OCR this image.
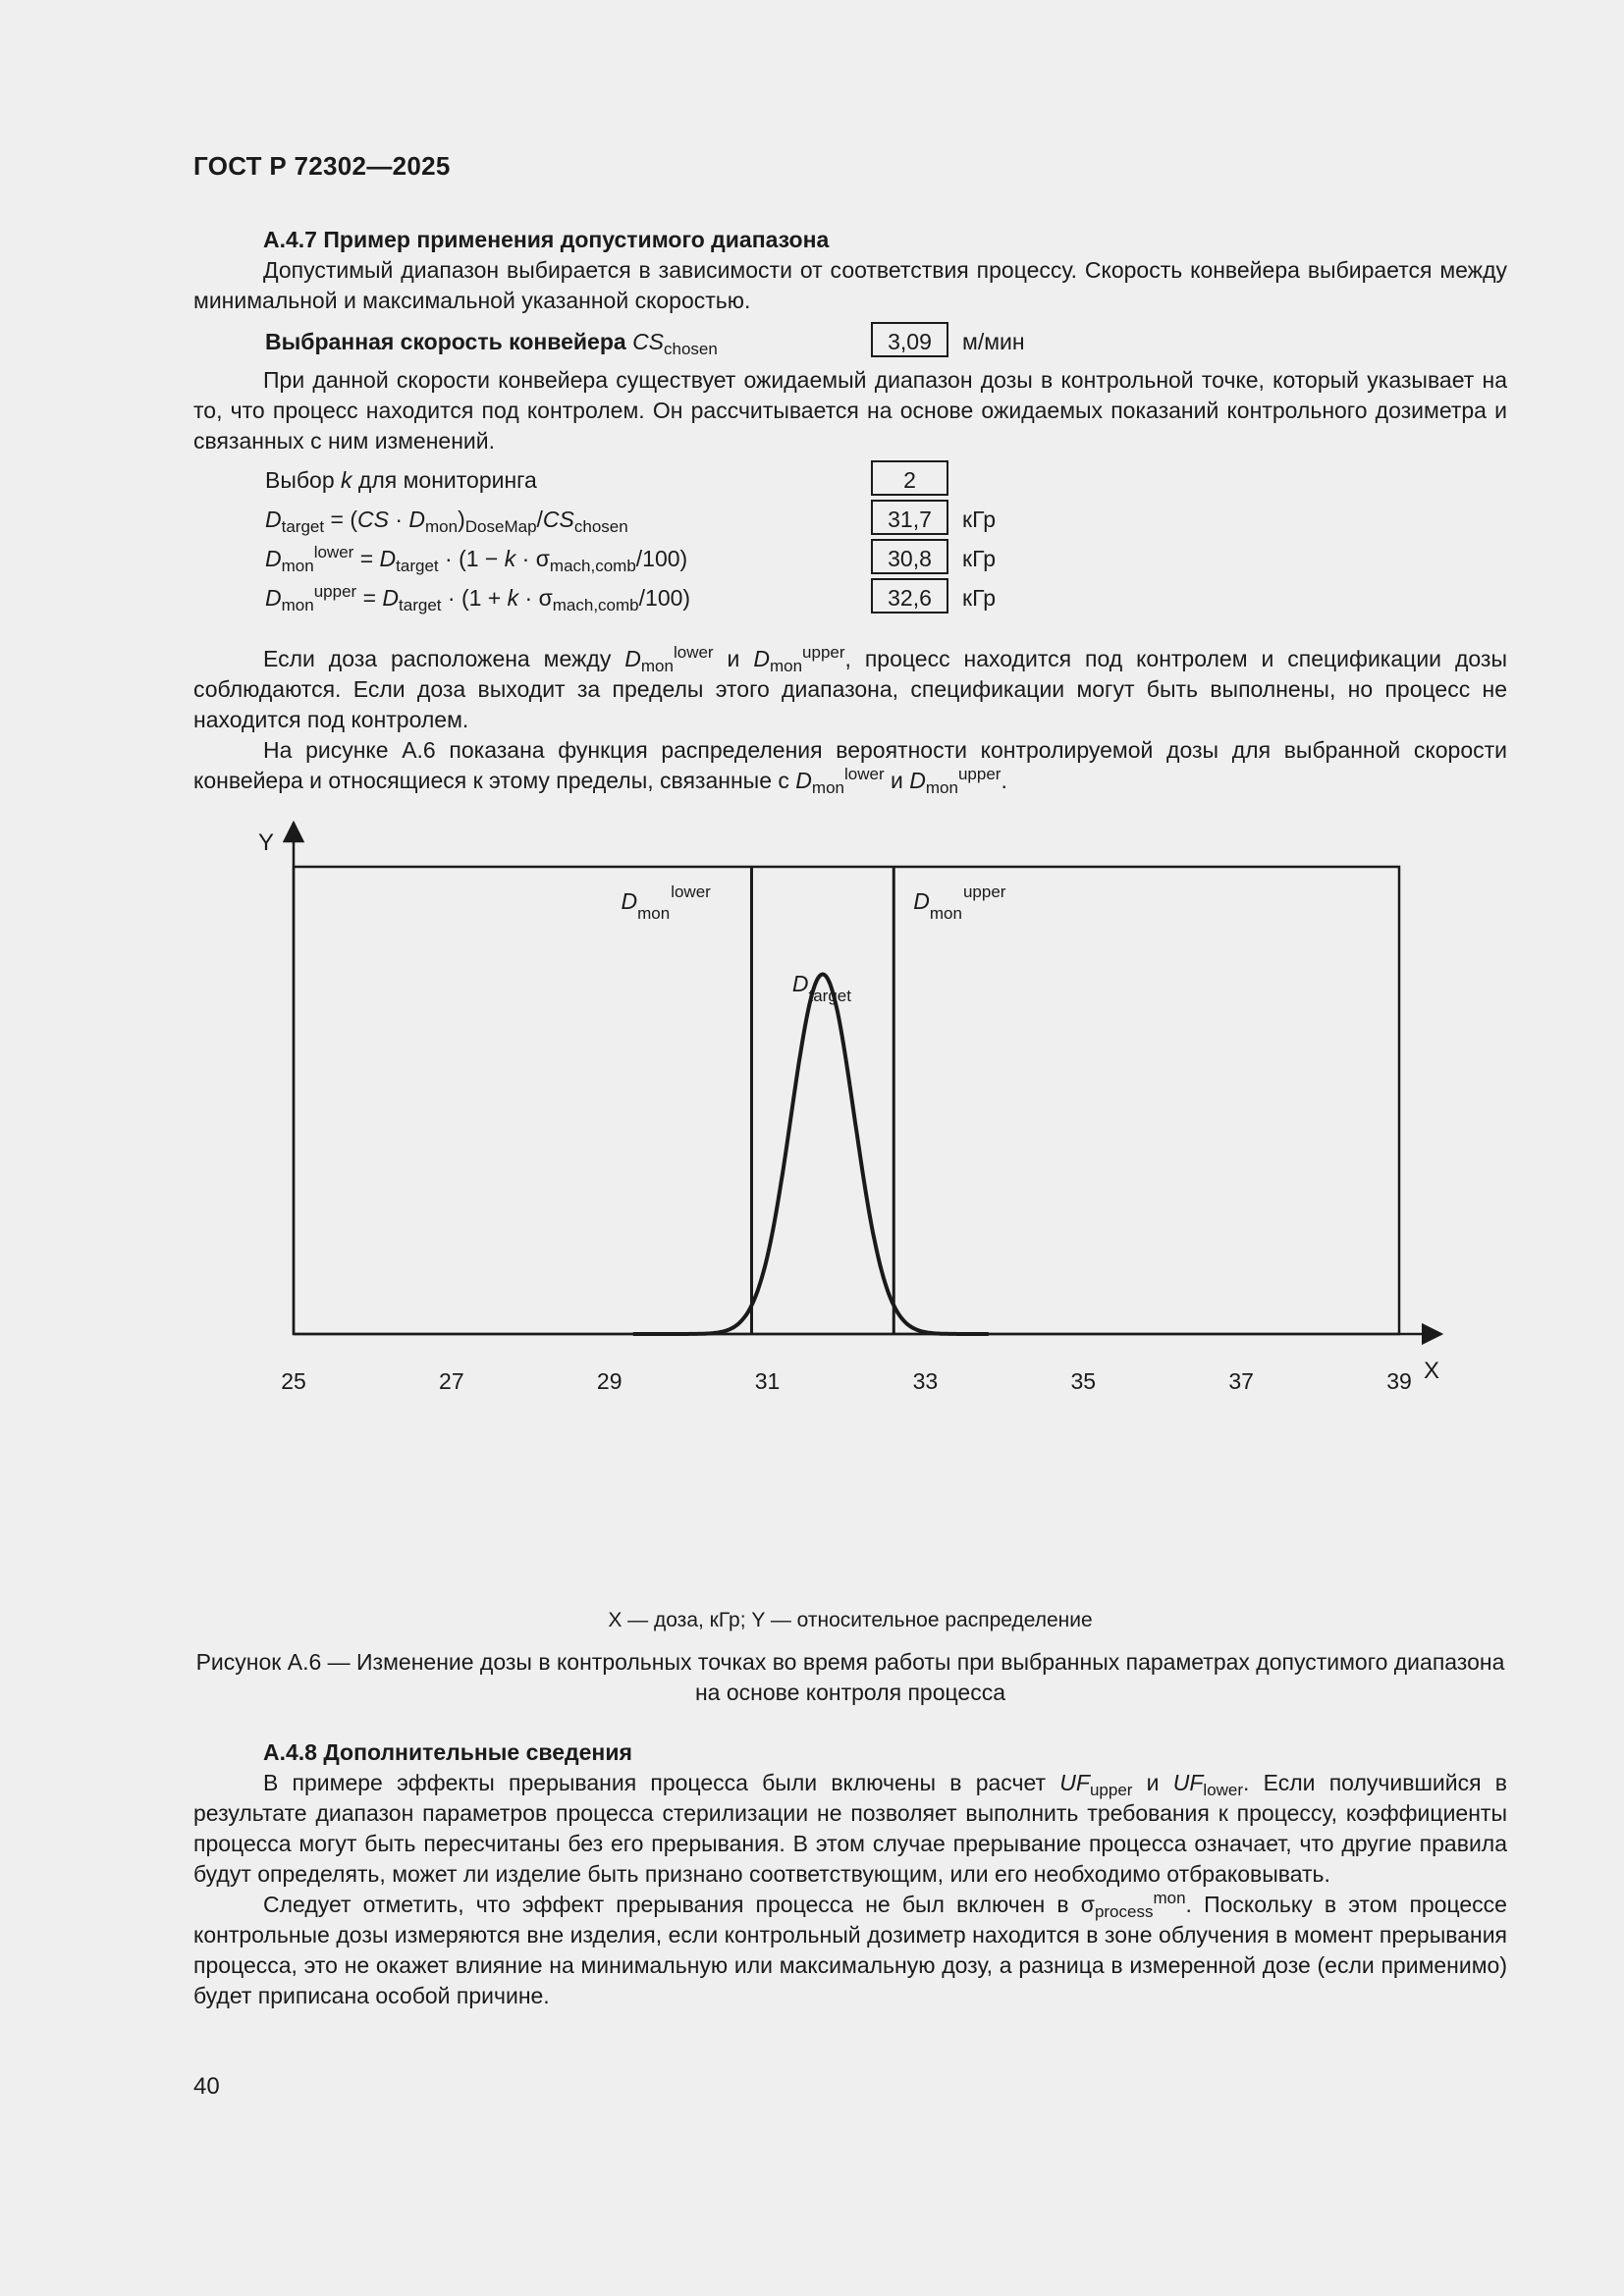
ГОСТ Р 72302—2025

А.4.7 Пример применения допустимого диапазона

Допустимый диапазон выбирается в зависимости от соответствия процессу. Скорость конвейера выбирается между минимальной и максимальной указанной скоростью.

Выбранная скорость конвейера $CS_{chosen}$	3,09	м/мин

При данной скорости конвейера существует ожидаемый диапазон дозы в контрольной точке, который указывает на то, что процесс находится под контролем. Он рассчитывается на основе ожидаемых показаний контрольного дозиметра и связанных с ним изменений.

Выбор k для мониторинга	2
$D_{target} = (CS \cdot D_{mon})_{DoseMap}/CS_{chosen}$	31,7	кГр
$D_{mon}^{lower} = D_{target} \cdot (1 - k \cdot \sigma_{mach,comb}/100)$	30,8	кГр
$D_{mon}^{upper} = D_{target} \cdot (1 + k \cdot \sigma_{mach,comb}/100)$	32,6	кГр

Если доза расположена между $D_{mon}^{lower}$ и $D_{mon}^{upper}$, процесс находится под контролем и спецификации дозы соблюдаются. Если доза выходит за пределы этого диапазона, спецификации могут быть выполнены, но процесс не находится под контролем.

На рисунке А.6 показана функция распределения вероятности контролируемой дозы для выбранной скорости конвейера и относящиеся к этому пределы, связанные с $D_{mon}^{lower}$ и $D_{mon}^{upper}$.

Y
X
25	27	29	31	33	35	37	39
$D_{mon}^{lower}$	$D_{mon}^{upper}$
$D_{target}$
X — доза, кГр; Y — относительное распределение
Рисунок А.6 — Изменение дозы в контрольных точках во время работы при выбранных параметрах допустимого диапазона на основе контроля процесса

А.4.8 Дополнительные сведения

В примере эффекты прерывания процесса были включены в расчет $UF_{upper}$ и $UF_{lower}$. Если получившийся в результате диапазон параметров процесса стерилизации не позволяет выполнить требования к процессу, коэффициенты процесса могут быть пересчитаны без его прерывания. В этом случае прерывание процесса означает, что другие правила будут определять, может ли изделие быть признано соответствующим, или его необходимо отбраковывать.

Следует отметить, что эффект прерывания процесса не был включен в $\sigma_{process}^{mon}$. Поскольку в этом процессе контрольные дозы измеряются вне изделия, если контрольный дозиметр находится в зоне облучения в момент прерывания процесса, это не окажет влияние на минимальную или максимальную дозу, а разница в измеренной дозе (если применимо) будет приписана особой причине.

40
